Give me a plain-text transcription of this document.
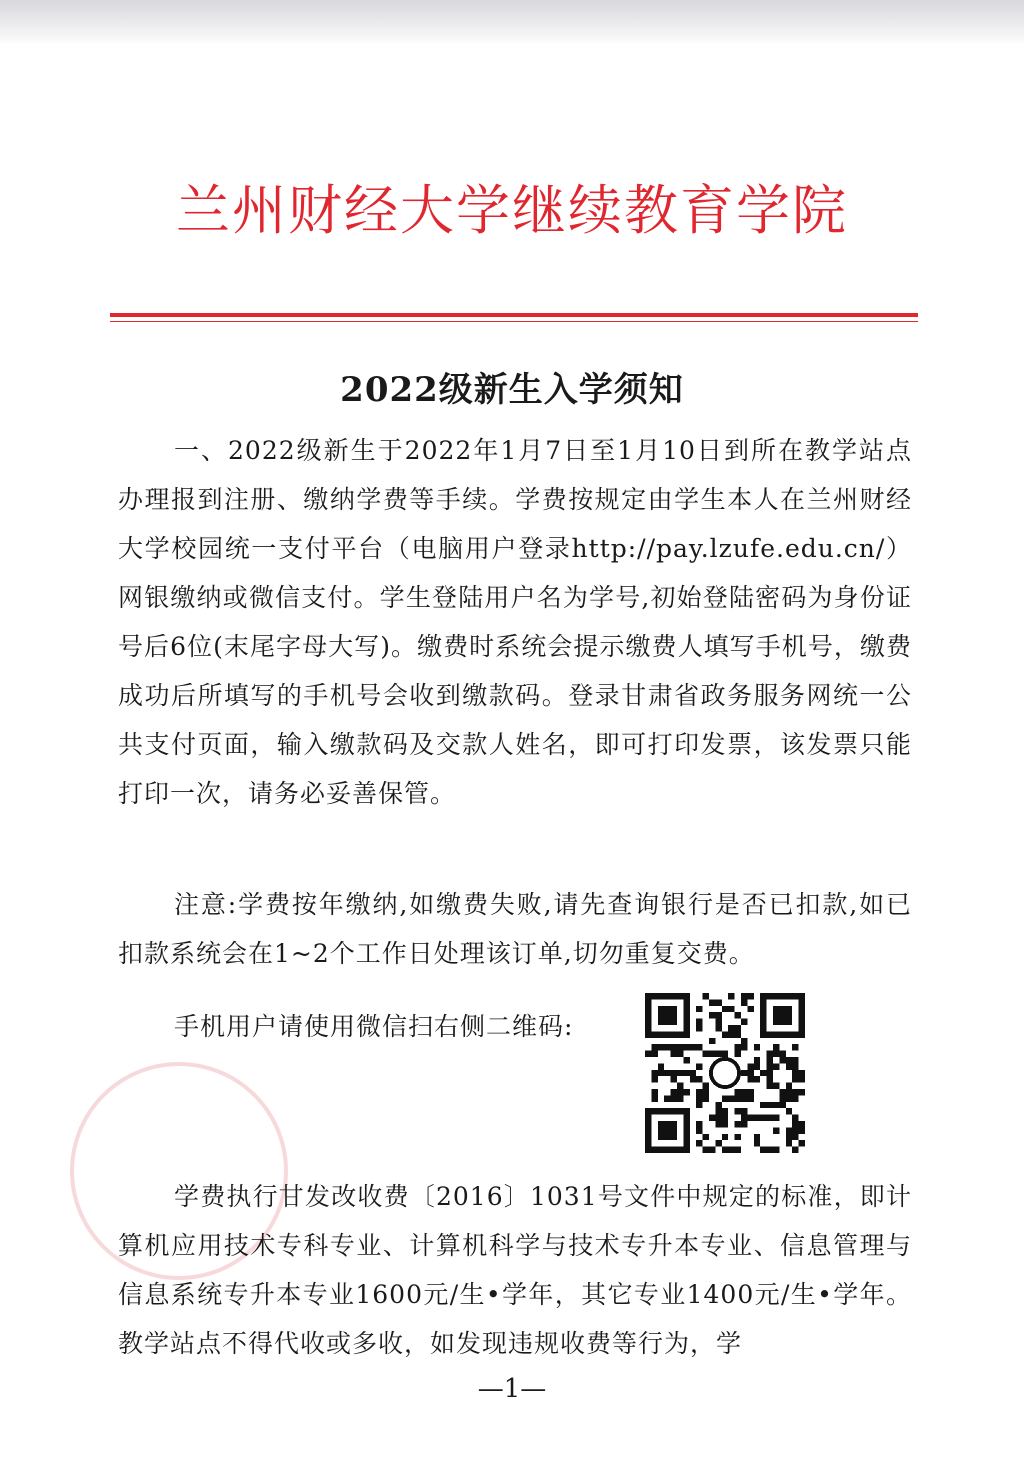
兰州财经大学继续教育学院
2022级新生入学须知

一、2022级新生于2022年1月7日至1月10日到所在教学站点办理报到注册、缴纳学费等手续。学费按规定由学生本人在兰州财经大学校园统一支付平台（电脑用户登录http://pay.lzufe.edu.cn/）网银缴纳或微信支付。学生登陆用户名为学号,初始登陆密码为身份证号后6位(末尾字母大写)。缴费时系统会提示缴费人填写手机号，缴费成功后所填写的手机号会收到缴款码。登录甘肃省政务服务网统一公共支付页面，输入缴款码及交款人姓名，即可打印发票，该发票只能打印一次，请务必妥善保管。

注意:学费按年缴纳,如缴费失败,请先查询银行是否已扣款,如已扣款系统会在1~2个工作日处理该订单,切勿重复交费。

手机用户请使用微信扫右侧二维码:

学费执行甘发改收费〔2016〕1031号文件中规定的标准，即计算机应用技术专科专业、计算机科学与技术专升本专业、信息管理与信息系统专升本专业1600元/生•学年，其它专业1400元/生•学年。教学站点不得代收或多收，如发现违规收费等行为，学

—1—
